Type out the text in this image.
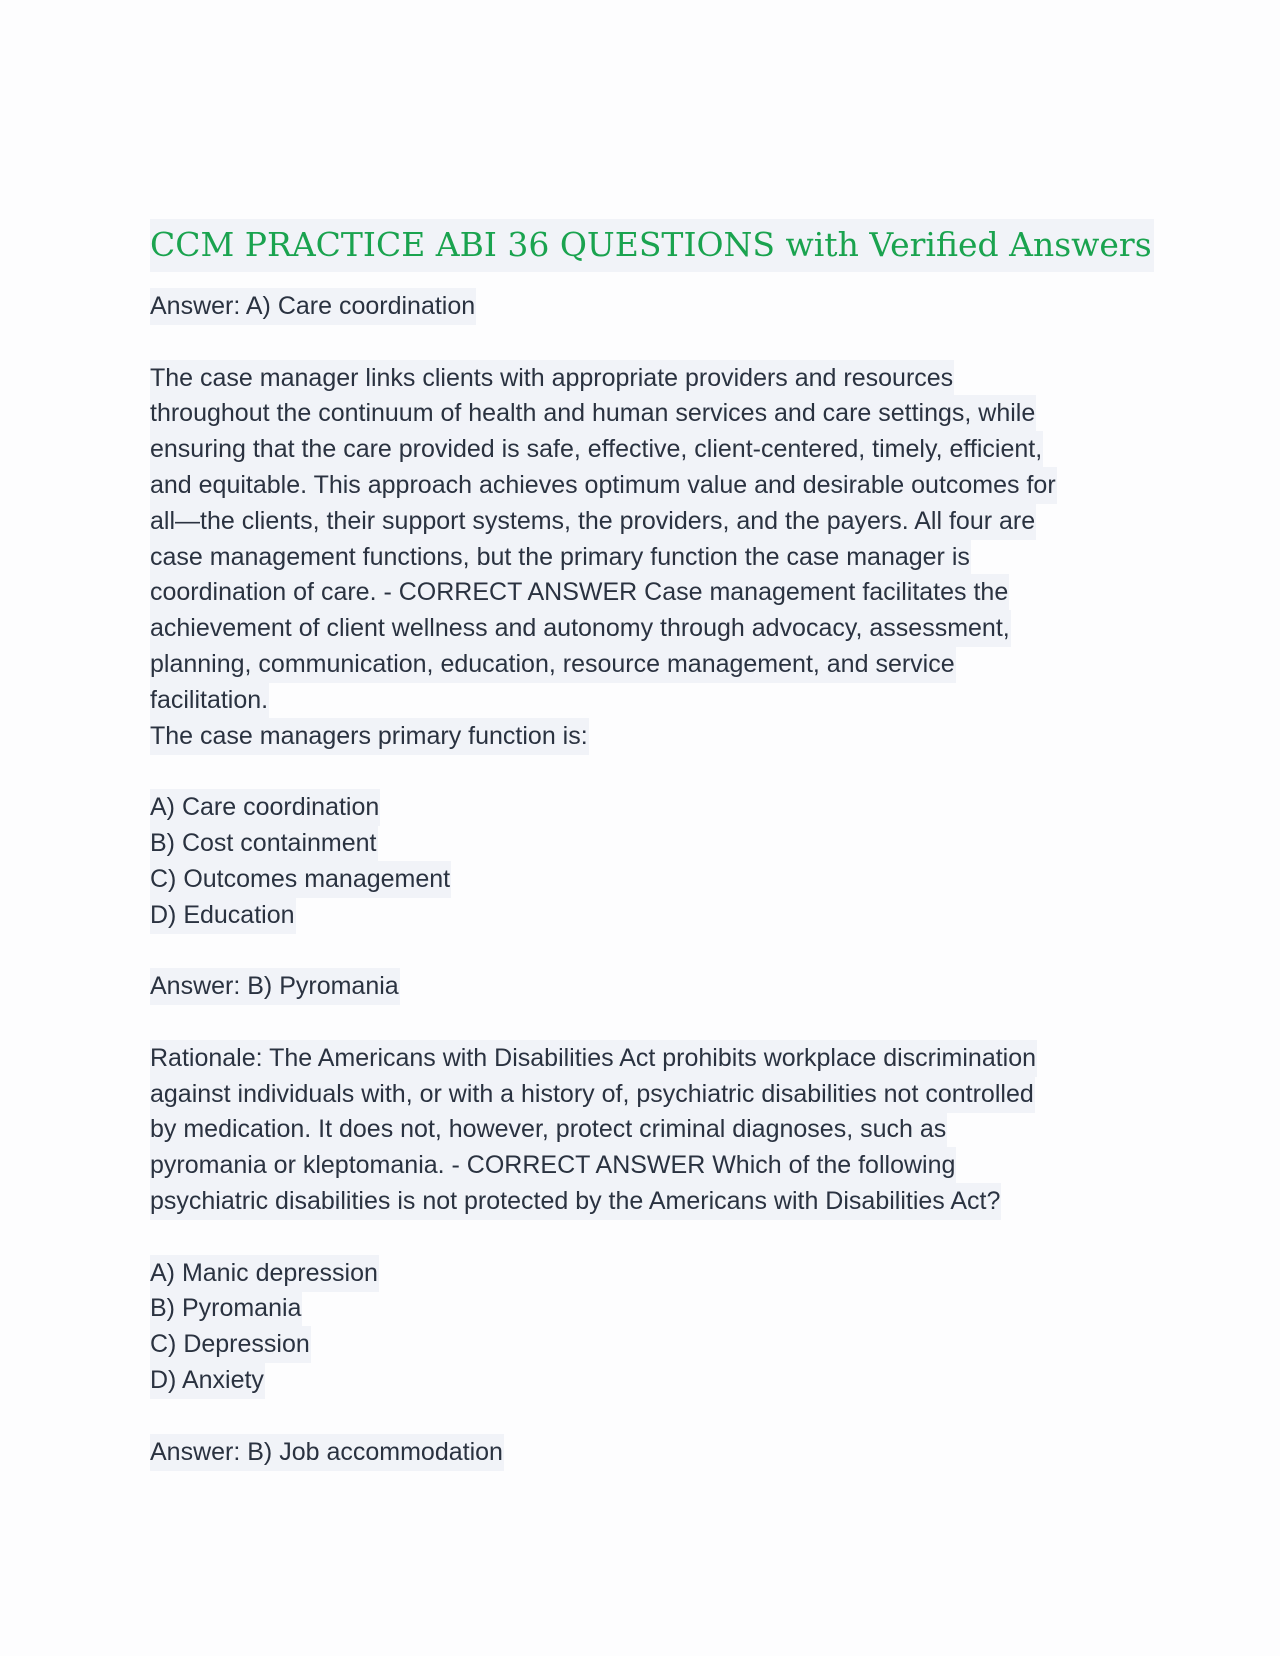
CCM PRACTICE ABI 36 QUESTIONS with Verified Answers
Answer: A) Care coordination
The case manager links clients with appropriate providers and resources
throughout the continuum of health and human services and care settings, while
ensuring that the care provided is safe, effective, client-centered, timely, efficient,
and equitable. This approach achieves optimum value and desirable outcomes for
all—the clients, their support systems, the providers, and the payers. All four are
case management functions, but the primary function the case manager is
coordination of care. - CORRECT ANSWER Case management facilitates the
achievement of client wellness and autonomy through advocacy, assessment,
planning, communication, education, resource management, and service
facilitation.
The case managers primary function is:
A) Care coordination
B) Cost containment
C) Outcomes management
D) Education
Answer: B) Pyromania
Rationale: The Americans with Disabilities Act prohibits workplace discrimination
against individuals with, or with a history of, psychiatric disabilities not controlled
by medication. It does not, however, protect criminal diagnoses, such as
pyromania or kleptomania. - CORRECT ANSWER Which of the following
psychiatric disabilities is not protected by the Americans with Disabilities Act?
A) Manic depression
B) Pyromania
C) Depression
D) Anxiety
Answer: B) Job accommodation
